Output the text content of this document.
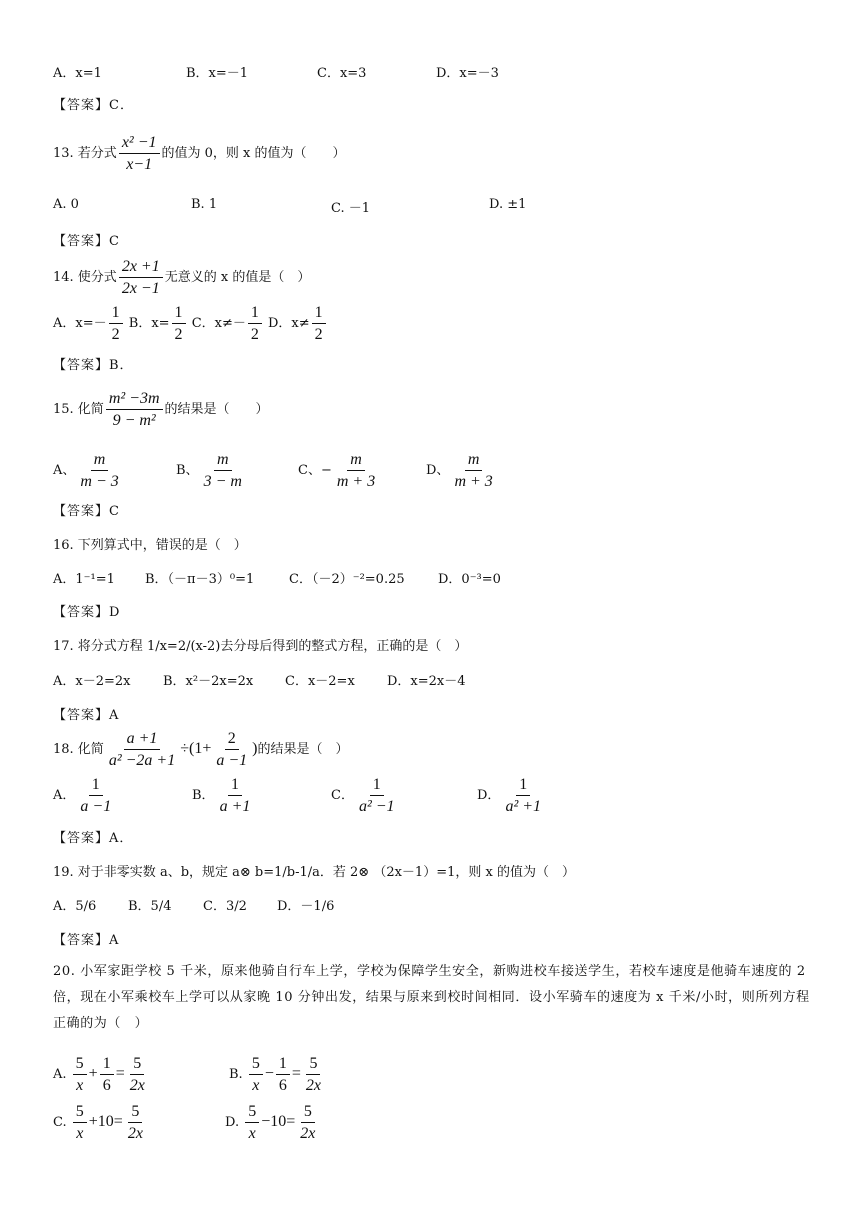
A．x=1	B．x=－1	C．x=3	D．x=－3
【答案】C．
13. 若分式 $\frac{\text{x² −1}}{x-1}$ 的值为 0，则 x 的值为（　　）
A. 0	B. 1	C. －1	D. ±1
【答案】C
14. 使分式 $\frac{2x +1}{2x -1}$ 无意义的 x 的值是（　）
A．$x=- \frac{1}{2}$ B．$x= \frac{1}{2}$ C．$x\ne- \frac{1}{2}$ D．$x\ne \frac{1}{2}$
【答案】B．
15. 化简 $\frac{\text{m² −3m}}{\text{9 − m²}}$ 的结果是（　　）
A、 $\frac{m}{m - 3}$	B、 $\frac{m}{3 - m}$	C、− $\frac{m}{m + 3}$	D、 $\frac{m}{m + 3}$
【答案】C
16. 下列算式中，错误的是（　）
A．1⁻¹=1 B．（－π－3）⁰=1	C．（－2）⁻²=0.25	D．0⁻³=0
【答案】D
17. 将分式方程 1/x=2/(x-2)去分母后得到的整式方程，正确的是（　）
A．x－2=2x	B．x²－2x=2x C．x－2=x D．x=2x－4
【答案】A
18. 化简 $\frac{a +1}{\text{a² −2a +1}} \div(1+ \frac{2}{a -1}$ )的结果是（　）
A． $\frac{1}{a -1}$	B． $\frac{1}{a +1}$	C． $\frac{1}{\text{a² −1}}$	D． $\frac{1}{\text{a² +1}}$
【答案】A．
19. 对于非零实数 a、b，规定 a⊗ b=1/b-1/a．若 2⊗ （2x－1）=1，则 x 的值为（　）
A．5/6 B．5/4 C．3/2 D．－1/6
【答案】A
20. 小军家距学校 5 千米，原来他骑自行车上学，学校为保障学生安全，新购进校车接送学生，若校车速度是他骑车速度的 2 倍，现在小军乘校车上学可以从家晚 10 分钟出发，结果与原来到校时间相同．设小军骑车的速度为 x 千米/小时，则所列方程正确的为（　）
A. $\frac{5}{x} + \frac{1}{6} = \frac{5}{2x}$	B. $\frac{5}{x} - \frac{1}{6} = \frac{5}{2x}$
C. $\frac{5}{x} +10= \frac{5}{2x}$	D. $\frac{5}{x} -10= \frac{5}{2x}$
